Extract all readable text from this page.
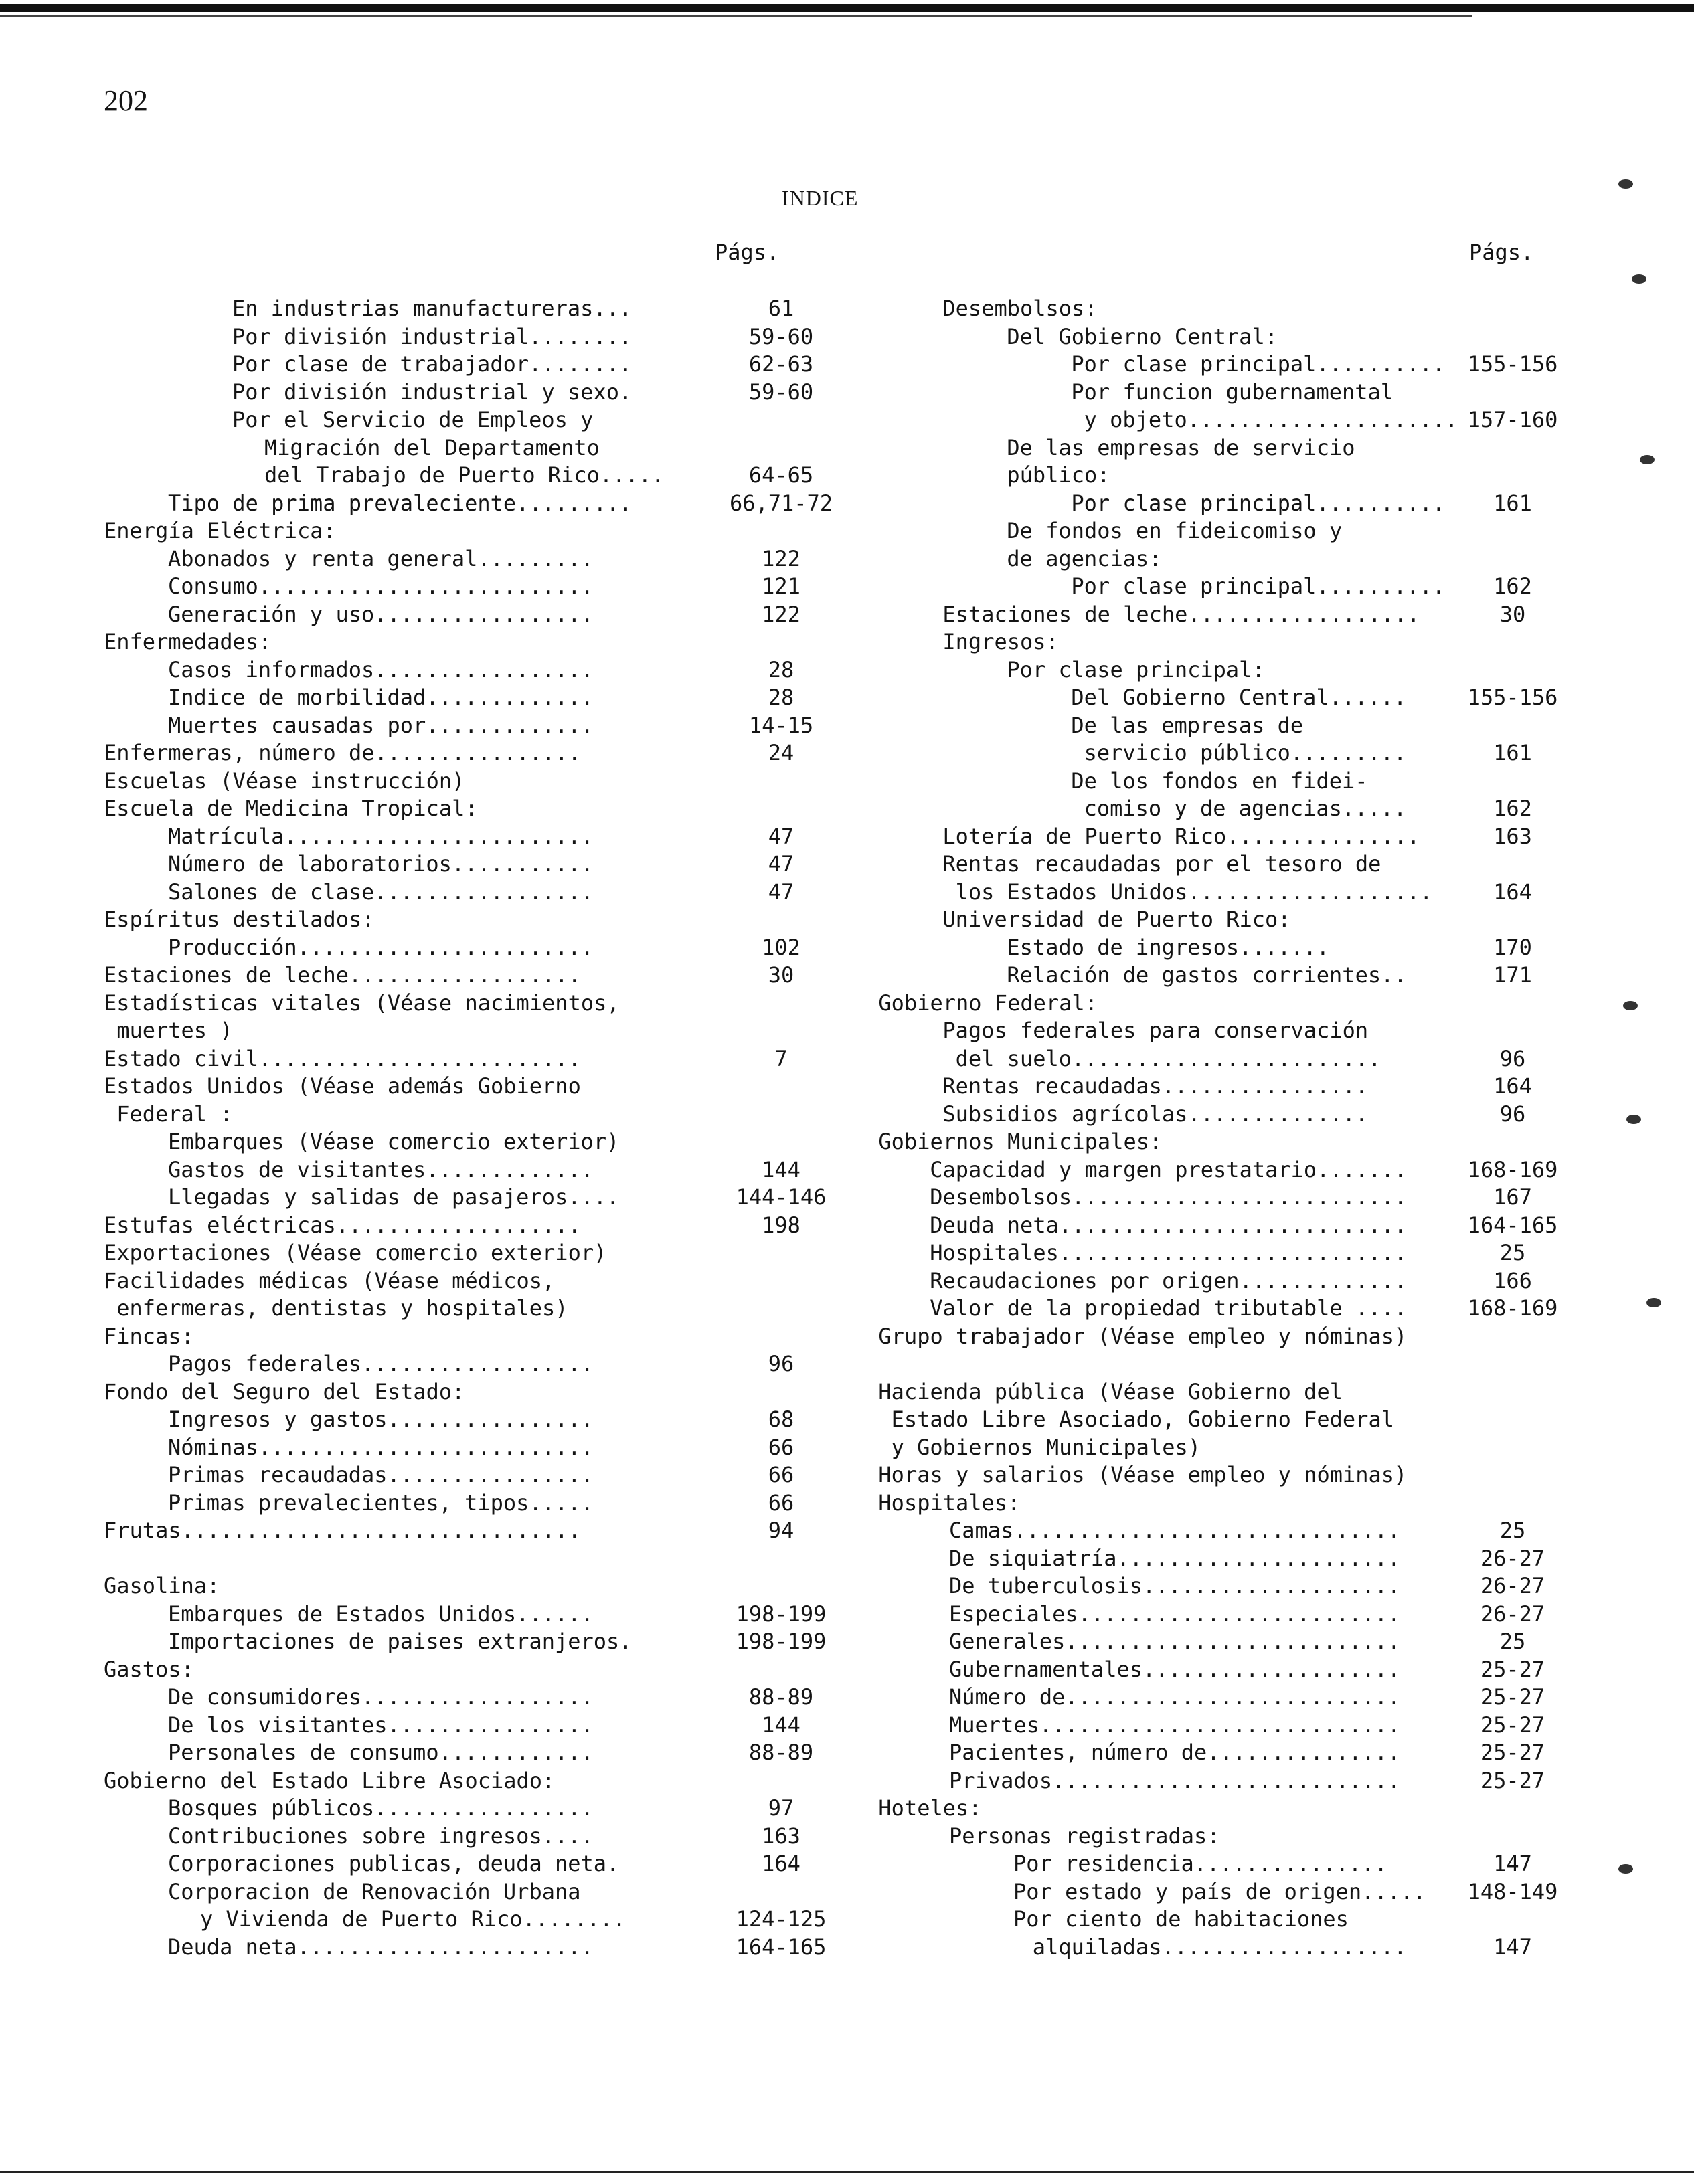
202
INDICE
Págs.	Págs.
En industrias manufactureras...	61
Por división industrial........	59-60
Por clase de trabajador........	62-63
Por división industrial y sexo.	59-60
Por el Servicio de Empleos y
Migración del Departamento
del Trabajo de Puerto Rico.....	64-65
Tipo de prima prevaleciente.........	66,71-72
Energía Eléctrica:
Abonados y renta general.........	122
Consumo..........................	121
Generación y uso.................	122
Enfermedades:
Casos informados.................	28
Indice de morbilidad.............	28
Muertes causadas por.............	14-15
Enfermeras, número de................	24
Escuelas (Véase instrucción)
Escuela de Medicina Tropical:
Matrícula........................	47
Número de laboratorios...........	47
Salones de clase.................	47
Espíritus destilados:
Producción.......................	102
Estaciones de leche..................	30
Estadísticas vitales (Véase nacimientos,
muertes )
Estado civil.........................	7
Estados Unidos (Véase además Gobierno
Federal :
Embarques (Véase comercio exterior)
Gastos de visitantes.............	144
Llegadas y salidas de pasajeros....	144-146
Estufas eléctricas...................	198
Exportaciones (Véase comercio exterior)
Facilidades médicas (Véase médicos,
enfermeras, dentistas y hospitales)
Fincas:
Pagos federales..................	96
Fondo del Seguro del Estado:
Ingresos y gastos................	68
Nóminas..........................	66
Primas recaudadas................	66
Primas prevalecientes, tipos.....	66
Frutas...............................	94
Gasolina:
Embarques de Estados Unidos......	198-199
Importaciones de paises extranjeros.	198-199
Gastos:
De consumidores..................	88-89
De los visitantes................	144
Personales de consumo............	88-89
Gobierno del Estado Libre Asociado:
Bosques públicos.................	97
Contribuciones sobre ingresos....	163
Corporaciones publicas, deuda neta.	164
Corporacion de Renovación Urbana
y Vivienda de Puerto Rico........	124-125
Deuda neta.......................	164-165
Desembolsos:
Del Gobierno Central:
Por clase principal..........	155-156
Por funcion gubernamental
y objeto..................... 157-160
De las empresas de servicio
público:
Por clase principal..........	161
De fondos en fideicomiso y
de agencias:
Por clase principal..........	162
Estaciones de leche..................	30
Ingresos:
Por clase principal:
Del Gobierno Central......	155-156
De las empresas de
servicio público.........	161
De los fondos en fidei-
comiso y de agencias.....	162
Lotería de Puerto Rico...............	163
Rentas recaudadas por el tesoro de
los Estados Unidos...................	164
Universidad de Puerto Rico:
Estado de ingresos.......	170
Relación de gastos corrientes..	171
Gobierno Federal:
Pagos federales para conservación
del suelo........................	96
Rentas recaudadas................	164
Subsidios agrícolas..............	96
Gobiernos Municipales:
Capacidad y margen prestatario.......	168-169
Desembolsos..........................	167
Deuda neta...........................	164-165
Hospitales...........................	25
Recaudaciones por origen.............	166
Valor de la propiedad tributable ....	168-169
Grupo trabajador (Véase empleo y nóminas)
Hacienda pública (Véase Gobierno del
Estado Libre Asociado, Gobierno Federal
y Gobiernos Municipales)
Horas y salarios (Véase empleo y nóminas)
Hospitales:
Camas..............................	25
De siquiatría......................	26-27
De tuberculosis....................	26-27
Especiales.........................	26-27
Generales..........................	25
Gubernamentales....................	25-27
Número de..........................	25-27
Muertes............................	25-27
Pacientes, número de...............	25-27
Privados...........................	25-27
Hoteles:
Personas registradas:
Por residencia...............	147
Por estado y país de origen.....	148-149
Por ciento de habitaciones
alquiladas...................	147
